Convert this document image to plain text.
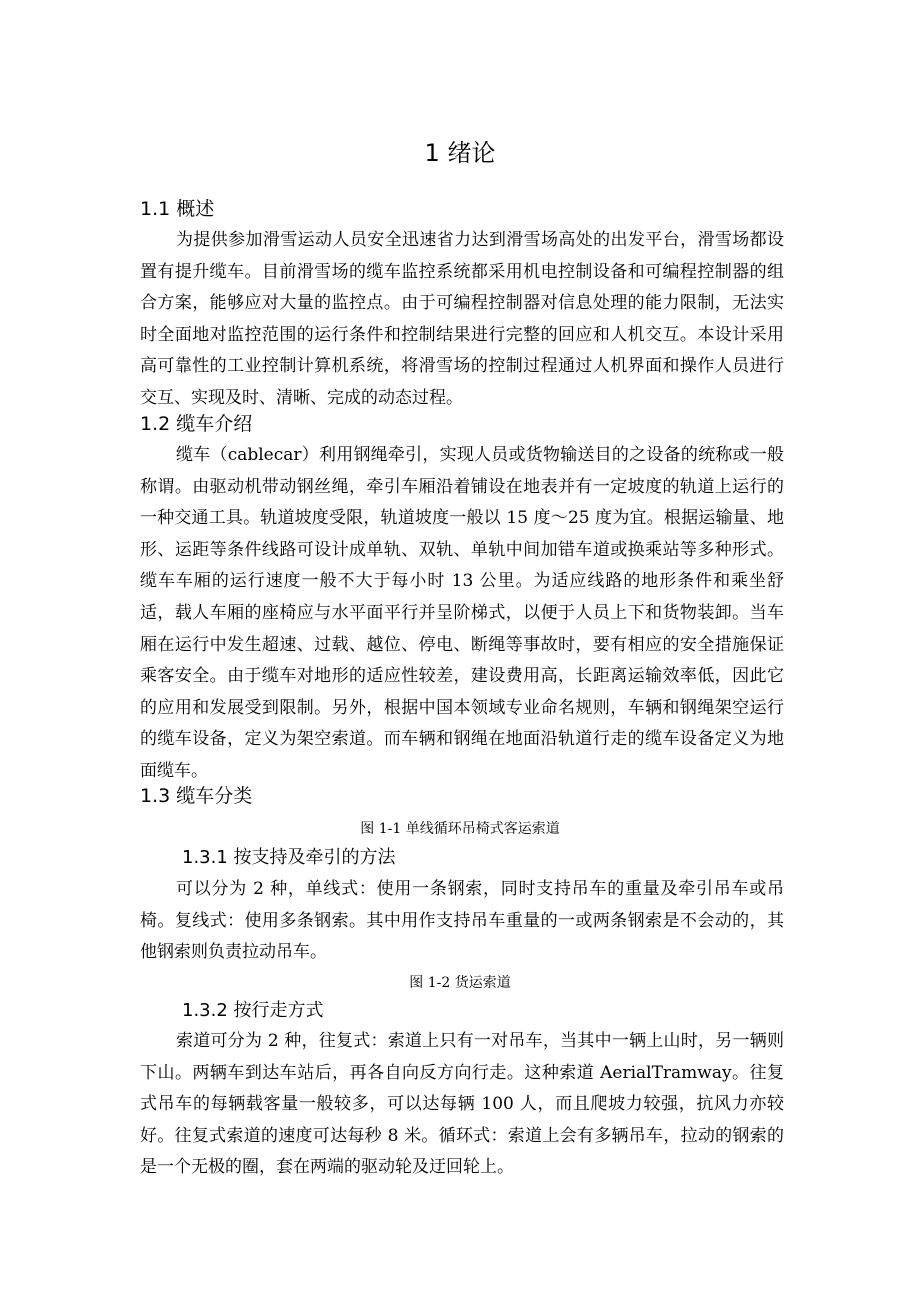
1 绪论
1.1 概述

为提供参加滑雪运动人员安全迅速省力达到滑雪场高处的出发平台，滑雪场都设置有提升缆车。目前滑雪场的缆车监控系统都采用机电控制设备和可编程控制器的组合方案，能够应对大量的监控点。由于可编程控制器对信息处理的能力限制，无法实时全面地对监控范围的运行条件和控制结果进行完整的回应和人机交互。本设计采用高可靠性的工业控制计算机系统，将滑雪场的控制过程通过人机界面和操作人员进行交互、实现及时、清晰、完成的动态过程。

1.2 缆车介绍

缆车（cablecar）利用钢绳牵引，实现人员或货物输送目的之设备的统称或一般称谓。由驱动机带动钢丝绳，牵引车厢沿着铺设在地表并有一定坡度的轨道上运行的一种交通工具。轨道坡度受限，轨道坡度一般以 15 度～25 度为宜。根据运输量、地形、运距等条件线路可设计成单轨、双轨、单轨中间加错车道或换乘站等多种形式。缆车车厢的运行速度一般不大于每小时 13 公里。为适应线路的地形条件和乘坐舒适，载人车厢的座椅应与水平面平行并呈阶梯式，以便于人员上下和货物装卸。当车厢在运行中发生超速、过载、越位、停电、断绳等事故时，要有相应的安全措施保证乘客安全。由于缆车对地形的适应性较差，建设费用高，长距离运输效率低，因此它的应用和发展受到限制。另外，根据中国本领域专业命名规则，车辆和钢绳架空运行的缆车设备，定义为架空索道。而车辆和钢绳在地面沿轨道行走的缆车设备定义为地面缆车。

1.3 缆车分类
图 1-1 单线循环吊椅式客运索道
1.3.1 按支持及牵引的方法

可以分为 2 种，单线式：使用一条钢索，同时支持吊车的重量及牵引吊车或吊椅。复线式：使用多条钢索。其中用作支持吊车重量的一或两条钢索是不会动的，其他钢索则负责拉动吊车。

图 1-2 货运索道
1.3.2 按行走方式

索道可分为 2 种，往复式：索道上只有一对吊车，当其中一辆上山时，另一辆则下山。两辆车到达车站后，再各自向反方向行走。这种索道 AerialTramway。往复式吊车的每辆载客量一般较多，可以达每辆 100 人，而且爬坡力较强，抗风力亦较好。往复式索道的速度可达每秒 8 米。循环式：索道上会有多辆吊车，拉动的钢索的是一个无极的圈，套在两端的驱动轮及迂回轮上。
